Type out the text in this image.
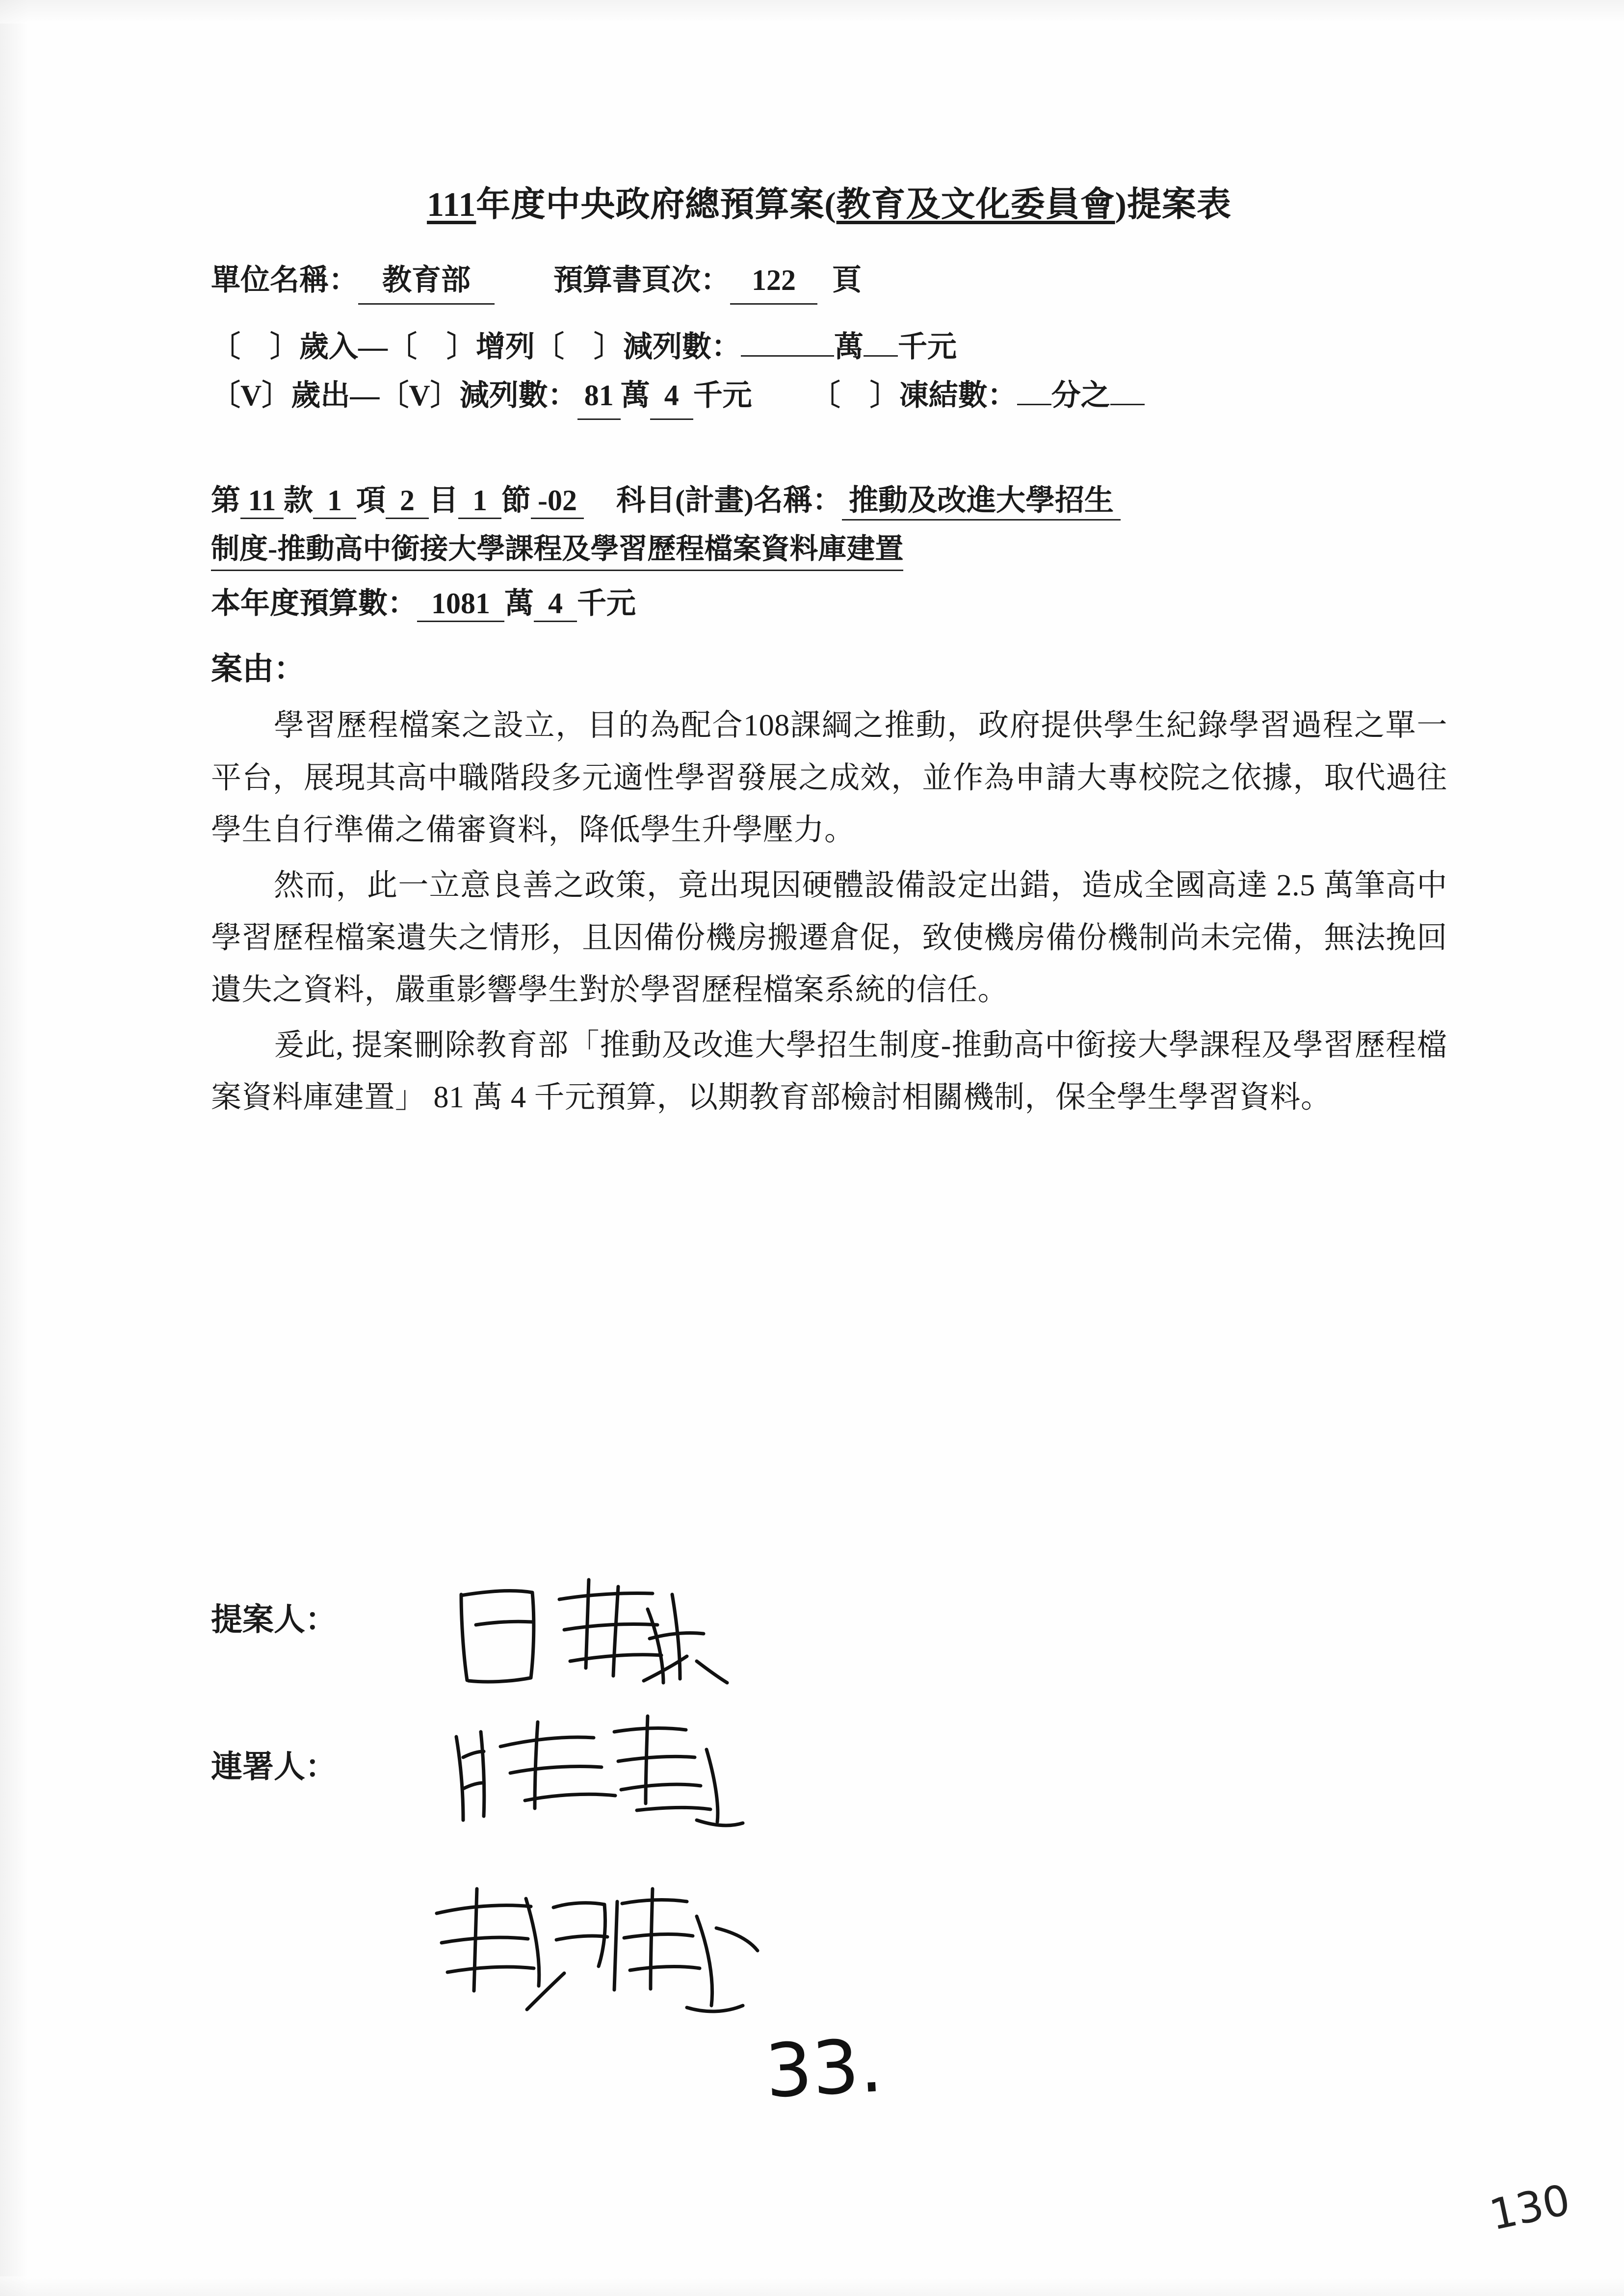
111年度中央政府總預算案(教育及文化委員會)提案表

單位名稱： 教育部	預算書頁次： 122 頁

〔　〕歲入—〔　〕增列〔　〕減列數：	萬 千元

〔V〕歲出—〔V〕減列數： 81 萬 4 千元 〔　〕凍結數： 分之

第 11 款 1 項 2 目 1 節 -02 科目(計畫)名稱： 推動及改進大學招生
制度-推動高中銜接大學課程及學習歷程檔案資料庫建置
本年度預算數： 1081 萬 4 千元
案由：

學習歷程檔案之設立，目的為配合108課綱之推動，政府提供學生紀錄學習過程之單一平台，展現其高中職階段多元適性學習發展之成效，並作為申請大專校院之依據，取代過往學生自行準備之備審資料，降低學生升學壓力。

然而，此一立意良善之政策，竟出現因硬體設備設定出錯，造成全國高達 2.5 萬筆高中學習歷程檔案遺失之情形，且因備份機房搬遷倉促，致使機房備份機制尚未完備，無法挽回遺失之資料，嚴重影響學生對於學習歷程檔案系統的信任。

爰此, 提案刪除教育部「推動及改進大學招生制度-推動高中銜接大學課程及學習歷程檔案資料庫建置」 81 萬 4 千元預算，以期教育部檢討相關機制，保全學生學習資料。

提案人：
連署人：
33.
130
